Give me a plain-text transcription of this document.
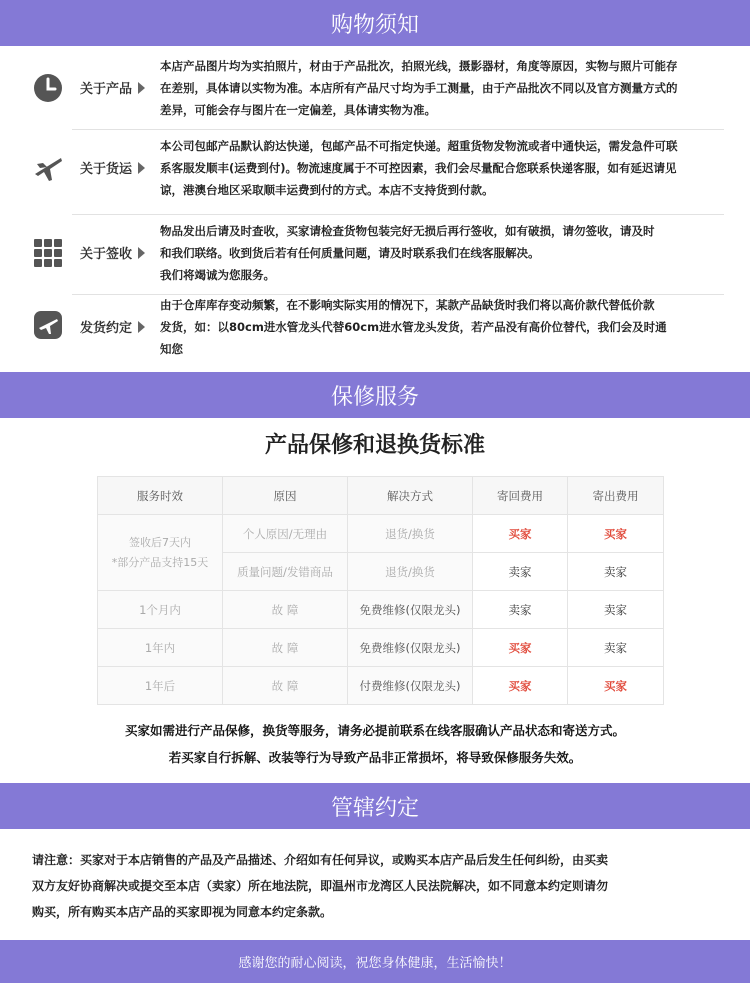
购物须知
关于产品
本店产品图片均为实拍照片，材由于产品批次，拍照光线，摄影器材，角度等原因，实物与照片可能存
在差别，具体请以实物为准。本店所有产品尺寸均为手工测量，由于产品批次不同以及官方测量方式的
差异，可能会存与图片在一定偏差，具体请实物为准。
关于货运
本公司包邮产品默认韵达快递，包邮产品不可指定快递。超重货物发物流或者中通快运，需发急件可联
系客服发顺丰(运费到付)。物流速度属于不可控因素，我们会尽量配合您联系快递客服，如有延迟请见
谅，港澳台地区采取顺丰运费到付的方式。本店不支持货到付款。
关于签收
物品发出后请及时查收，买家请检查货物包装完好无损后再行签收，如有破损，请勿签收，请及时
和我们联络。收到货后若有任何质量问题，请及时联系我们在线客服解决。
我们将竭诚为您服务。
发货约定
由于仓库库存变动频繁，在不影响实际实用的情况下，某款产品缺货时我们将以高价款代替低价款
发货，如：以80cm进水管龙头代替60cm进水管龙头发货，若产品没有高价位替代，我们会及时通
知您
保修服务
产品保修和退换货标准
服务时效	原因	解决方式	寄回费用	寄出费用

签收后7天内
*部分产品支持15天	个人原因/无理由	退货/换货	买家	买家
	质量问题/发错商品	退货/换货	卖家	卖家
1个月内	故 障	免费维修(仅限龙头)	卖家	卖家
1年内	故 障	免费维修(仅限龙头)	买家	卖家
1年后	故 障	付费维修(仅限龙头)	买家	买家
买家如需进行产品保修，换货等服务，请务必提前联系在线客服确认产品状态和寄送方式。
若买家自行拆解、改装等行为导致产品非正常损坏，将导致保修服务失效。
管辖约定
请注意：买家对于本店销售的产品及产品描述、介绍如有任何异议，或购买本店产品后发生任何纠纷，由买卖
双方友好协商解决或提交至本店（卖家）所在地法院，即温州市龙湾区人民法院解决，如不同意本约定则请勿
购买，所有购买本店产品的买家即视为同意本约定条款。
感谢您的耐心阅读，祝您身体健康，生活愉快！
